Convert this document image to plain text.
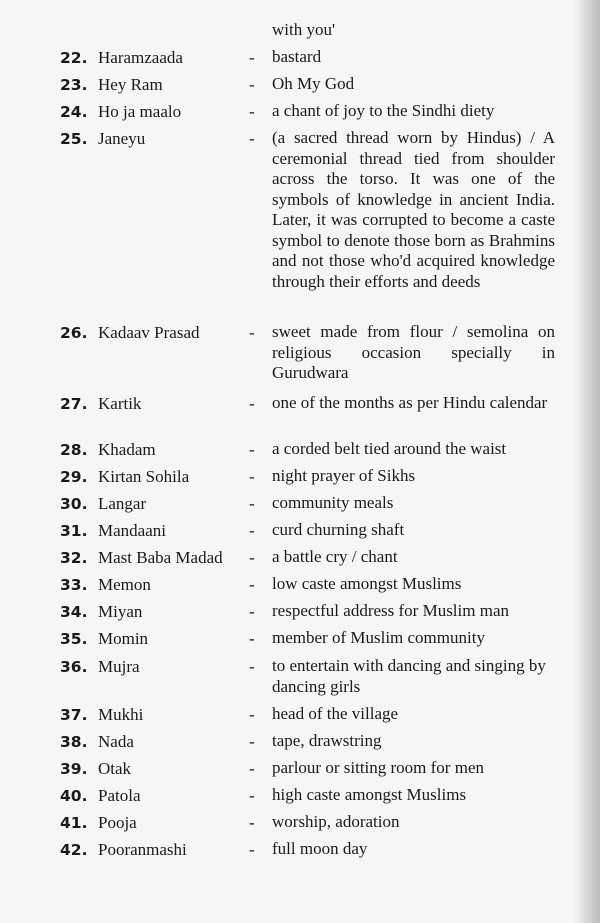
with you'
22. Haramzaada	- bastard
23. Hey Ram	- Oh My God
24. Ho ja maalo	- a chant of joy to the Sindhi diety
25. Janeyu	- (a sacred thread worn by Hindus) / A ceremonial thread tied from shoulder across the torso. It was one of the symbols of knowledge in ancient India. Later, it was corrupted to become a caste symbol to denote those born as Brahmins and not those who'd acquired knowledge through their efforts and deeds
26. Kadaav Prasad	- sweet made from flour / semolina on religious occasion specially in Gurudwara
27. Kartik	- one of the months as per Hindu calendar
28. Khadam	- a corded belt tied around the waist
29. Kirtan Sohila	- night prayer of Sikhs
30. Langar	- community meals
31. Mandaani	- curd churning shaft
32. Mast Baba Madad - a battle cry / chant
33. Memon	- low caste amongst Muslims
34. Miyan	- respectful address for Muslim man
35. Momin	- member of Muslim community
36. Mujra	- to entertain with dancing and singing by dancing girls
37. Mukhi	- head of the village
38. Nada	- tape, drawstring
39. Otak	- parlour or sitting room for men
40. Patola	- high caste amongst Muslims
41. Pooja	- worship, adoration
42. Pooranmashi	- full moon day
